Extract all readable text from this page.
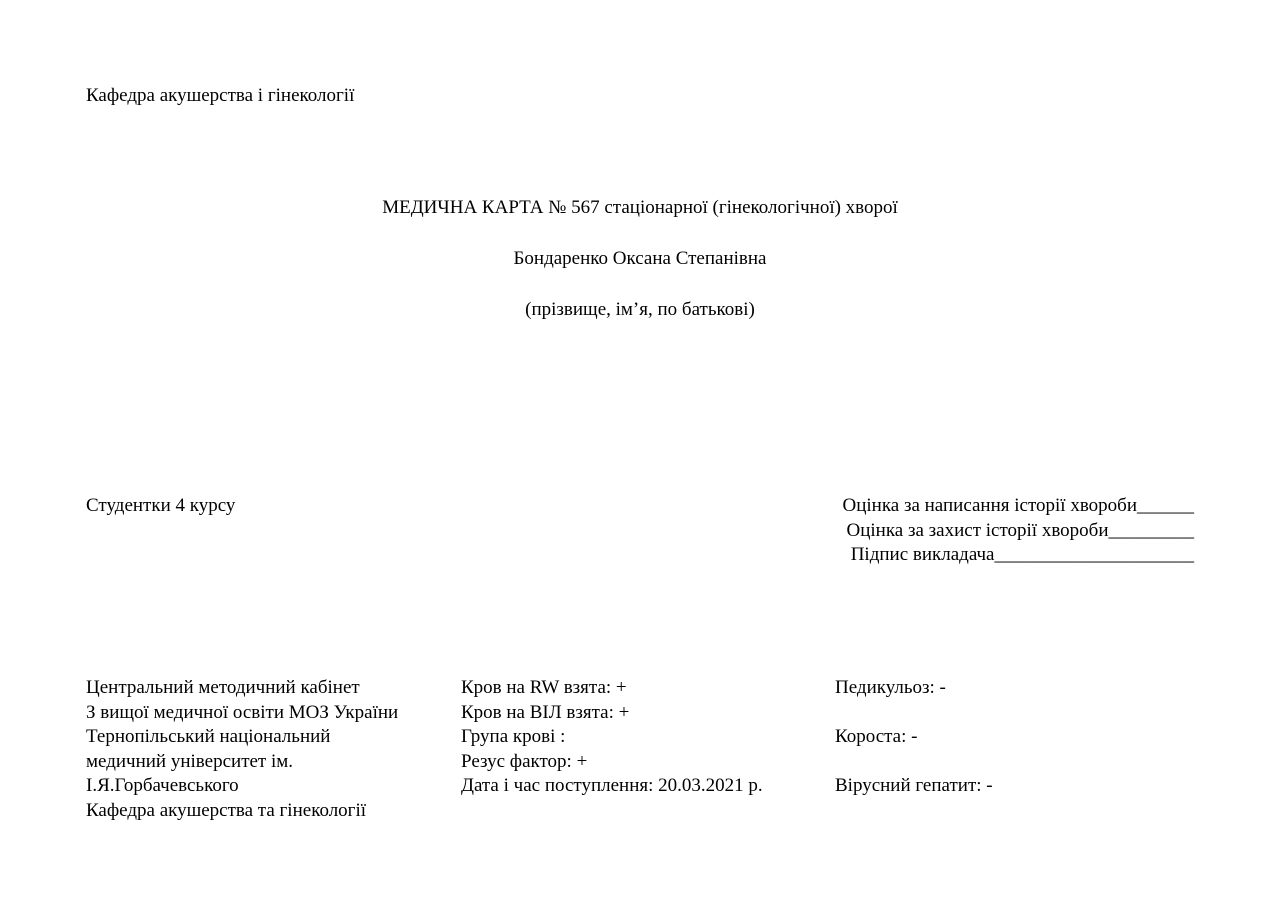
Кафедра акушерства і гінекології
МЕДИЧНА КАРТА № 567 стаціонарної (гінекологічної) хворої
Бондаренко Оксана Степанівна
(прізвище, ім’я, по батькові)
Студентки 4 курсу	Оцінка за написання історії хвороби______
Оцінка за захист історії хвороби_________
Підпис викладача_____________________
Центральний методичний кабінет
З вищої медичної освіти МОЗ України
Тернопільський національний
медичний університет ім.
І.Я.Горбачевського
Кафедра акушерства та гінекології
Кров на RW взята: +
Кров на ВІЛ взята: +
Група крові :
Резус фактор: +
Дата і час поступлення: 20.03.2021 р.
Педикульоз: -
Короста: -
Вірусний гепатит: -
